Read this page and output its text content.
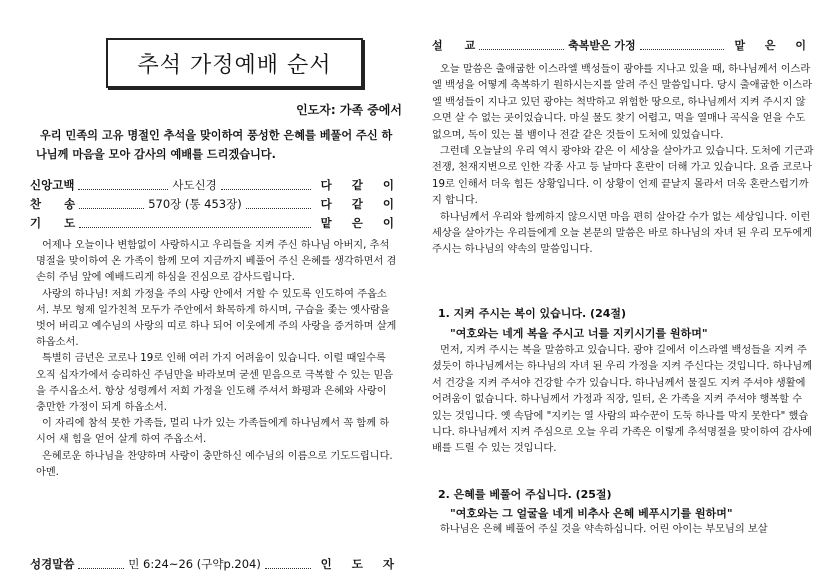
추석 가정예배 순서
인도자: 가족 중에서
우리 민족의 고유 명절인 추석을 맞이하여 풍성한 은혜를 베풀어 주신 하나님께 마음을 모아 감사의 예배를 드리겠습니다.
신앙고백	사도신경	다 같 이
찬　　송	570장 (통 453장)	다 같 이
기　　도	맡 은 이

어제나 오늘이나 변함없이 사랑하시고 우리들을 지켜 주신 하나님 아버지, 추석 명절을 맞이하여 온 가족이 함께 모여 지금까지 베풀어 주신 은혜를 생각하면서 겸손히 주님 앞에 예배드리게 하심을 진심으로 감사드립니다.

사랑의 하나님! 저희 가정을 주의 사랑 안에서 거할 수 있도록 인도하여 주옵소서. 부모 형제 일가친척 모두가 주안에서 화목하게 하시며, 구습을 좇는 옛사람을 벗어 버리고 예수님의 사랑의 띠로 하나 되어 이웃에게 주의 사랑을 증거하며 살게 하옵소서.

특별히 금년은 코로나 19로 인해 여러 가지 어려움이 있습니다. 이럴 때일수록 오직 십자가에서 승리하신 주님만을 바라보며 굳센 믿음으로 극복할 수 있는 믿음을 주시옵소서. 항상 성령께서 저희 가정을 인도해 주셔서 화평과 은혜와 사랑이 충만한 가정이 되게 하옵소서.

이 자리에 참석 못한 가족들, 멀리 나가 있는 가족들에게 하나님께서 꼭 함께 하시어 새 힘을 얻어 살게 하여 주옵소서.

은혜로운 하나님을 찬양하며 사랑이 충만하신 예수님의 이름으로 기도드립니다. 아멘.

성경말씀	민 6:24~26 (구약p.204)	인 도 자
설　　교	축복받은 가정	맡 은 이

오늘 말씀은 출애굽한 이스라엘 백성들이 광야를 지나고 있을 때, 하나님께서 이스라엘 백성을 어떻게 축복하기 원하시는지를 알려 주신 말씀입니다. 당시 출애굽한 이스라엘 백성들이 지나고 있던 광야는 척박하고 위험한 땅으로, 하나님께서 지켜 주시지 않으면 살 수 없는 곳이었습니다. 마실 물도 찾기 어렵고, 먹을 열매나 곡식을 얻을 수도 없으며, 독이 있는 불 뱀이나 전갈 같은 것들이 도처에 있었습니다.

그런데 오늘날의 우리 역시 광야와 같은 이 세상을 살아가고 있습니다. 도처에 기근과 전쟁, 천재지변으로 인한 각종 사고 등 날마다 혼란이 더해 가고 있습니다. 요즘 코로나 19로 인해서 더욱 힘든 상황입니다. 이 상황이 언제 끝날지 몰라서 더욱 혼란스럽기까지 합니다.

하나님께서 우리와 함께하지 않으시면 마음 편히 살아갈 수가 없는 세상입니다. 이런 세상을 살아가는 우리들에게 오늘 본문의 말씀은 바로 하나님의 자녀 된 우리 모두에게 주시는 하나님의 약속의 말씀입니다.

1. 지켜 주시는 복이 있습니다. (24절)
"여호와는 네게 복을 주시고 너를 지키시기를 원하며"

먼저, 지켜 주시는 복을 말씀하고 있습니다. 광야 길에서 이스라엘 백성들을 지켜 주셨듯이 하나님께서는 하나님의 자녀 된 우리 가정을 지켜 주신다는 것입니다. 하나님께서 건강을 지켜 주셔야 건강할 수가 있습니다. 하나님께서 물질도 지켜 주셔야 생활에 어려움이 없습니다. 하나님께서 가정과 직장, 일터, 온 가족을 지켜 주셔야 행복할 수 있는 것입니다. 옛 속담에 "지키는 열 사람의 파수꾼이 도둑 하나를 막지 못한다" 했습니다. 하나님께서 지켜 주심으로 오늘 우리 가족은 이렇게 추석명절을 맞이하여 감사예배를 드릴 수 있는 것입니다.

2. 은혜를 베풀어 주십니다. (25절)
"여호와는 그 얼굴을 네게 비추사 은혜 베푸시기를 원하며"

하나님은 은혜 베풀어 주실 것을 약속하십니다. 어린 아이는 부모님의 보살
